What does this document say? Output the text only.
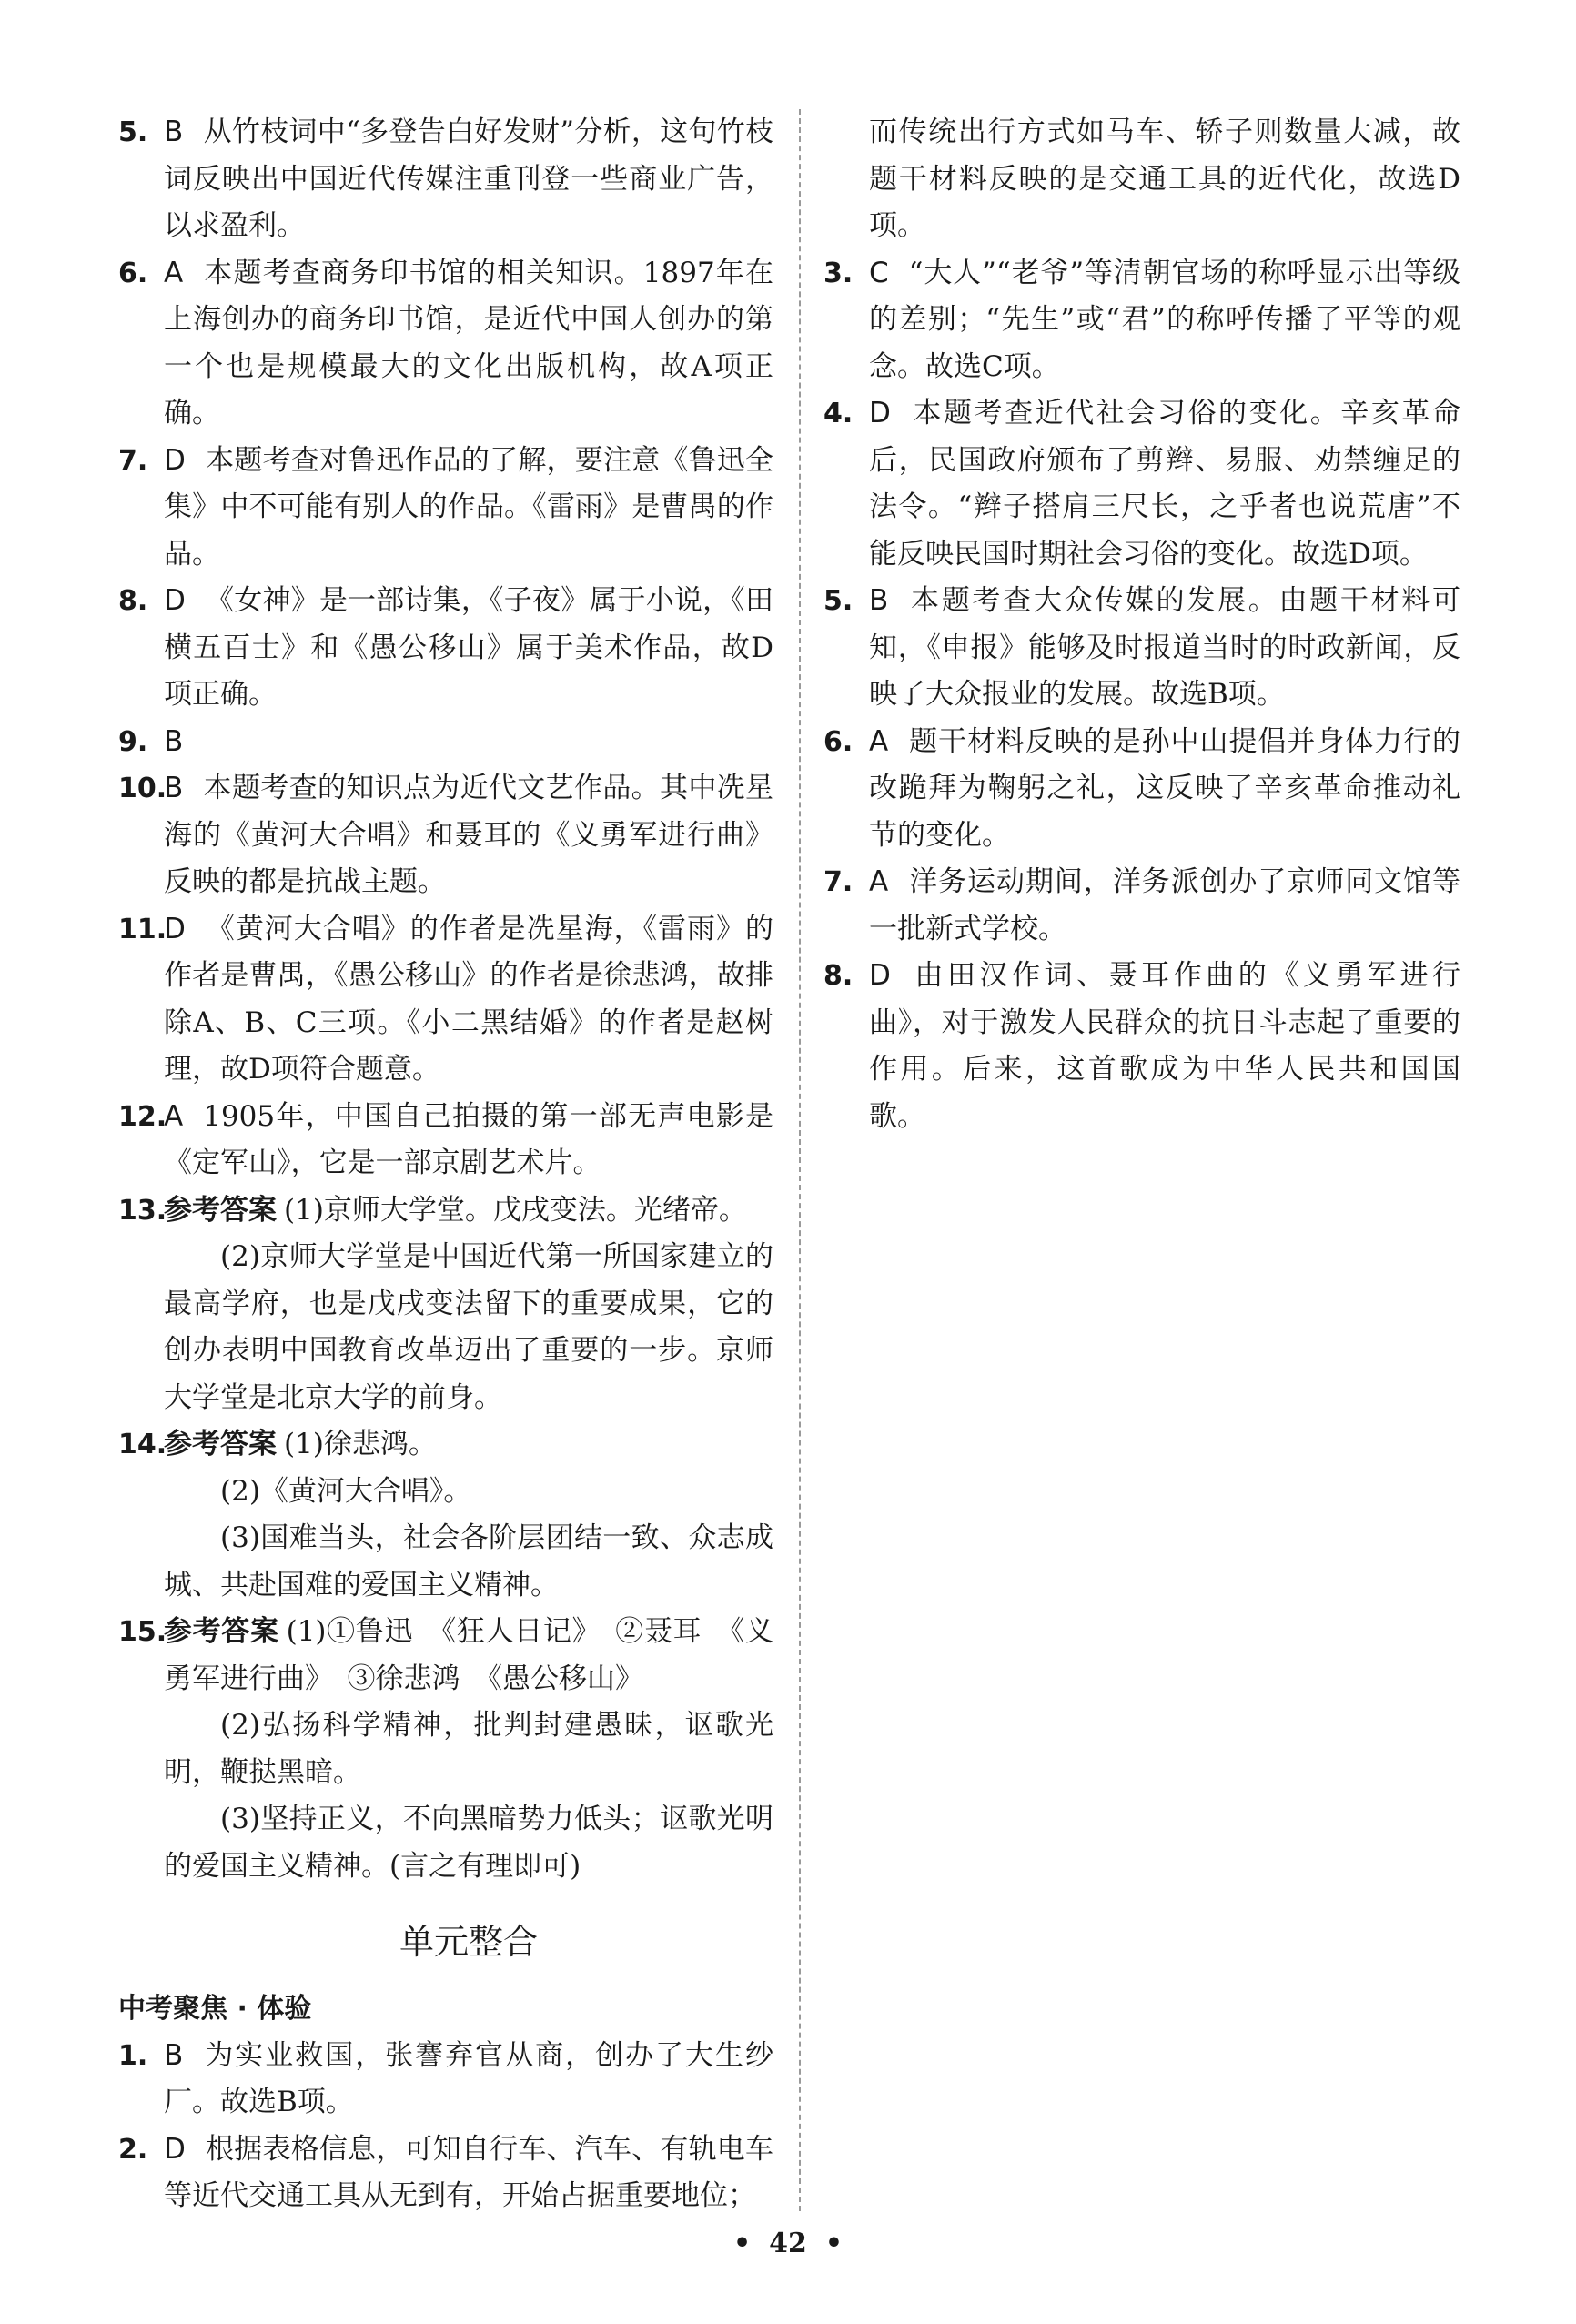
5. B 从竹枝词中“多登告白好发财”分析，这句竹枝词反映出中国近代传媒注重刊登一些商业广告，以求盈利。

6. A 本题考查商务印书馆的相关知识。1897年在上海创办的商务印书馆，是近代中国人创办的第一个也是规模最大的文化出版机构，故A项正确。

7. D 本题考查对鲁迅作品的了解，要注意《鲁迅全集》中不可能有别人的作品。《雷雨》是曹禺的作品。

8. D 《女神》是一部诗集，《子夜》属于小说，《田横五百士》和《愚公移山》属于美术作品，故D项正确。

9. B

10.
B 本题考查的知识点为近代文艺作品。其中冼星海的《黄河大合唱》和聂耳的《义勇军进行曲》反映的都是抗战主题。

11.
D 《黄河大合唱》的作者是冼星海，《雷雨》的作者是曹禺，《愚公移山》的作者是徐悲鸿，故排除A、B、C三项。《小二黑结婚》的作者是赵树理，故D项符合题意。

12.
A 1905年，中国自己拍摄的第一部无声电影是《定军山》，它是一部京剧艺术片。

13.

参考答案 (1)京师大学堂。戊戌变法。光绪帝。

(2)京师大学堂是中国近代第一所国家建立的最高学府，也是戊戌变法留下的重要成果，它的创办表明中国教育改革迈出了重要的一步。京师大学堂是北京大学的前身。

14.

参考答案 (1)徐悲鸿。

(2)《黄河大合唱》。

(3)国难当头，社会各阶层团结一致、众志成城、共赴国难的爱国主义精神。

15.

参考答案 (1)①鲁迅　《狂人日记》　②聂耳　《义勇军进行曲》　③徐悲鸿　《愚公移山》

(2)弘扬科学精神，批判封建愚昧，讴歌光明，鞭挞黑暗。

(3)坚持正义，不向黑暗势力低头；讴歌光明的爱国主义精神。(言之有理即可)

单元整合

中考聚焦 · 体验

1. B 为实业救国，张謇弃官从商，创办了大生纱厂。故选B项。

2. D 根据表格信息，可知自行车、汽车、有轨电车等近代交通工具从无到有，开始占据重要地位；

而传统出行方式如马车、轿子则数量大减，故题干材料反映的是交通工具的近代化，故选D项。

3. C “大人”“老爷”等清朝官场的称呼显示出等级的差别；“先生”或“君”的称呼传播了平等的观念。故选C项。

4. D 本题考查近代社会习俗的变化。辛亥革命后，民国政府颁布了剪辫、易服、劝禁缠足的法令。“辫子搭肩三尺长，之乎者也说荒唐”不能反映民国时期社会习俗的变化。故选D项。

5. B 本题考查大众传媒的发展。由题干材料可知，《申报》能够及时报道当时的时政新闻，反映了大众报业的发展。故选B项。

6. A 题干材料反映的是孙中山提倡并身体力行的改跪拜为鞠躬之礼，这反映了辛亥革命推动礼节的变化。

7. A 洋务运动期间，洋务派创办了京师同文馆等一批新式学校。

8. D 由田汉作词、聂耳作曲的《义勇军进行曲》，对于激发人民群众的抗日斗志起了重要的作用。后来，这首歌成为中华人民共和国国歌。

• 42 •
